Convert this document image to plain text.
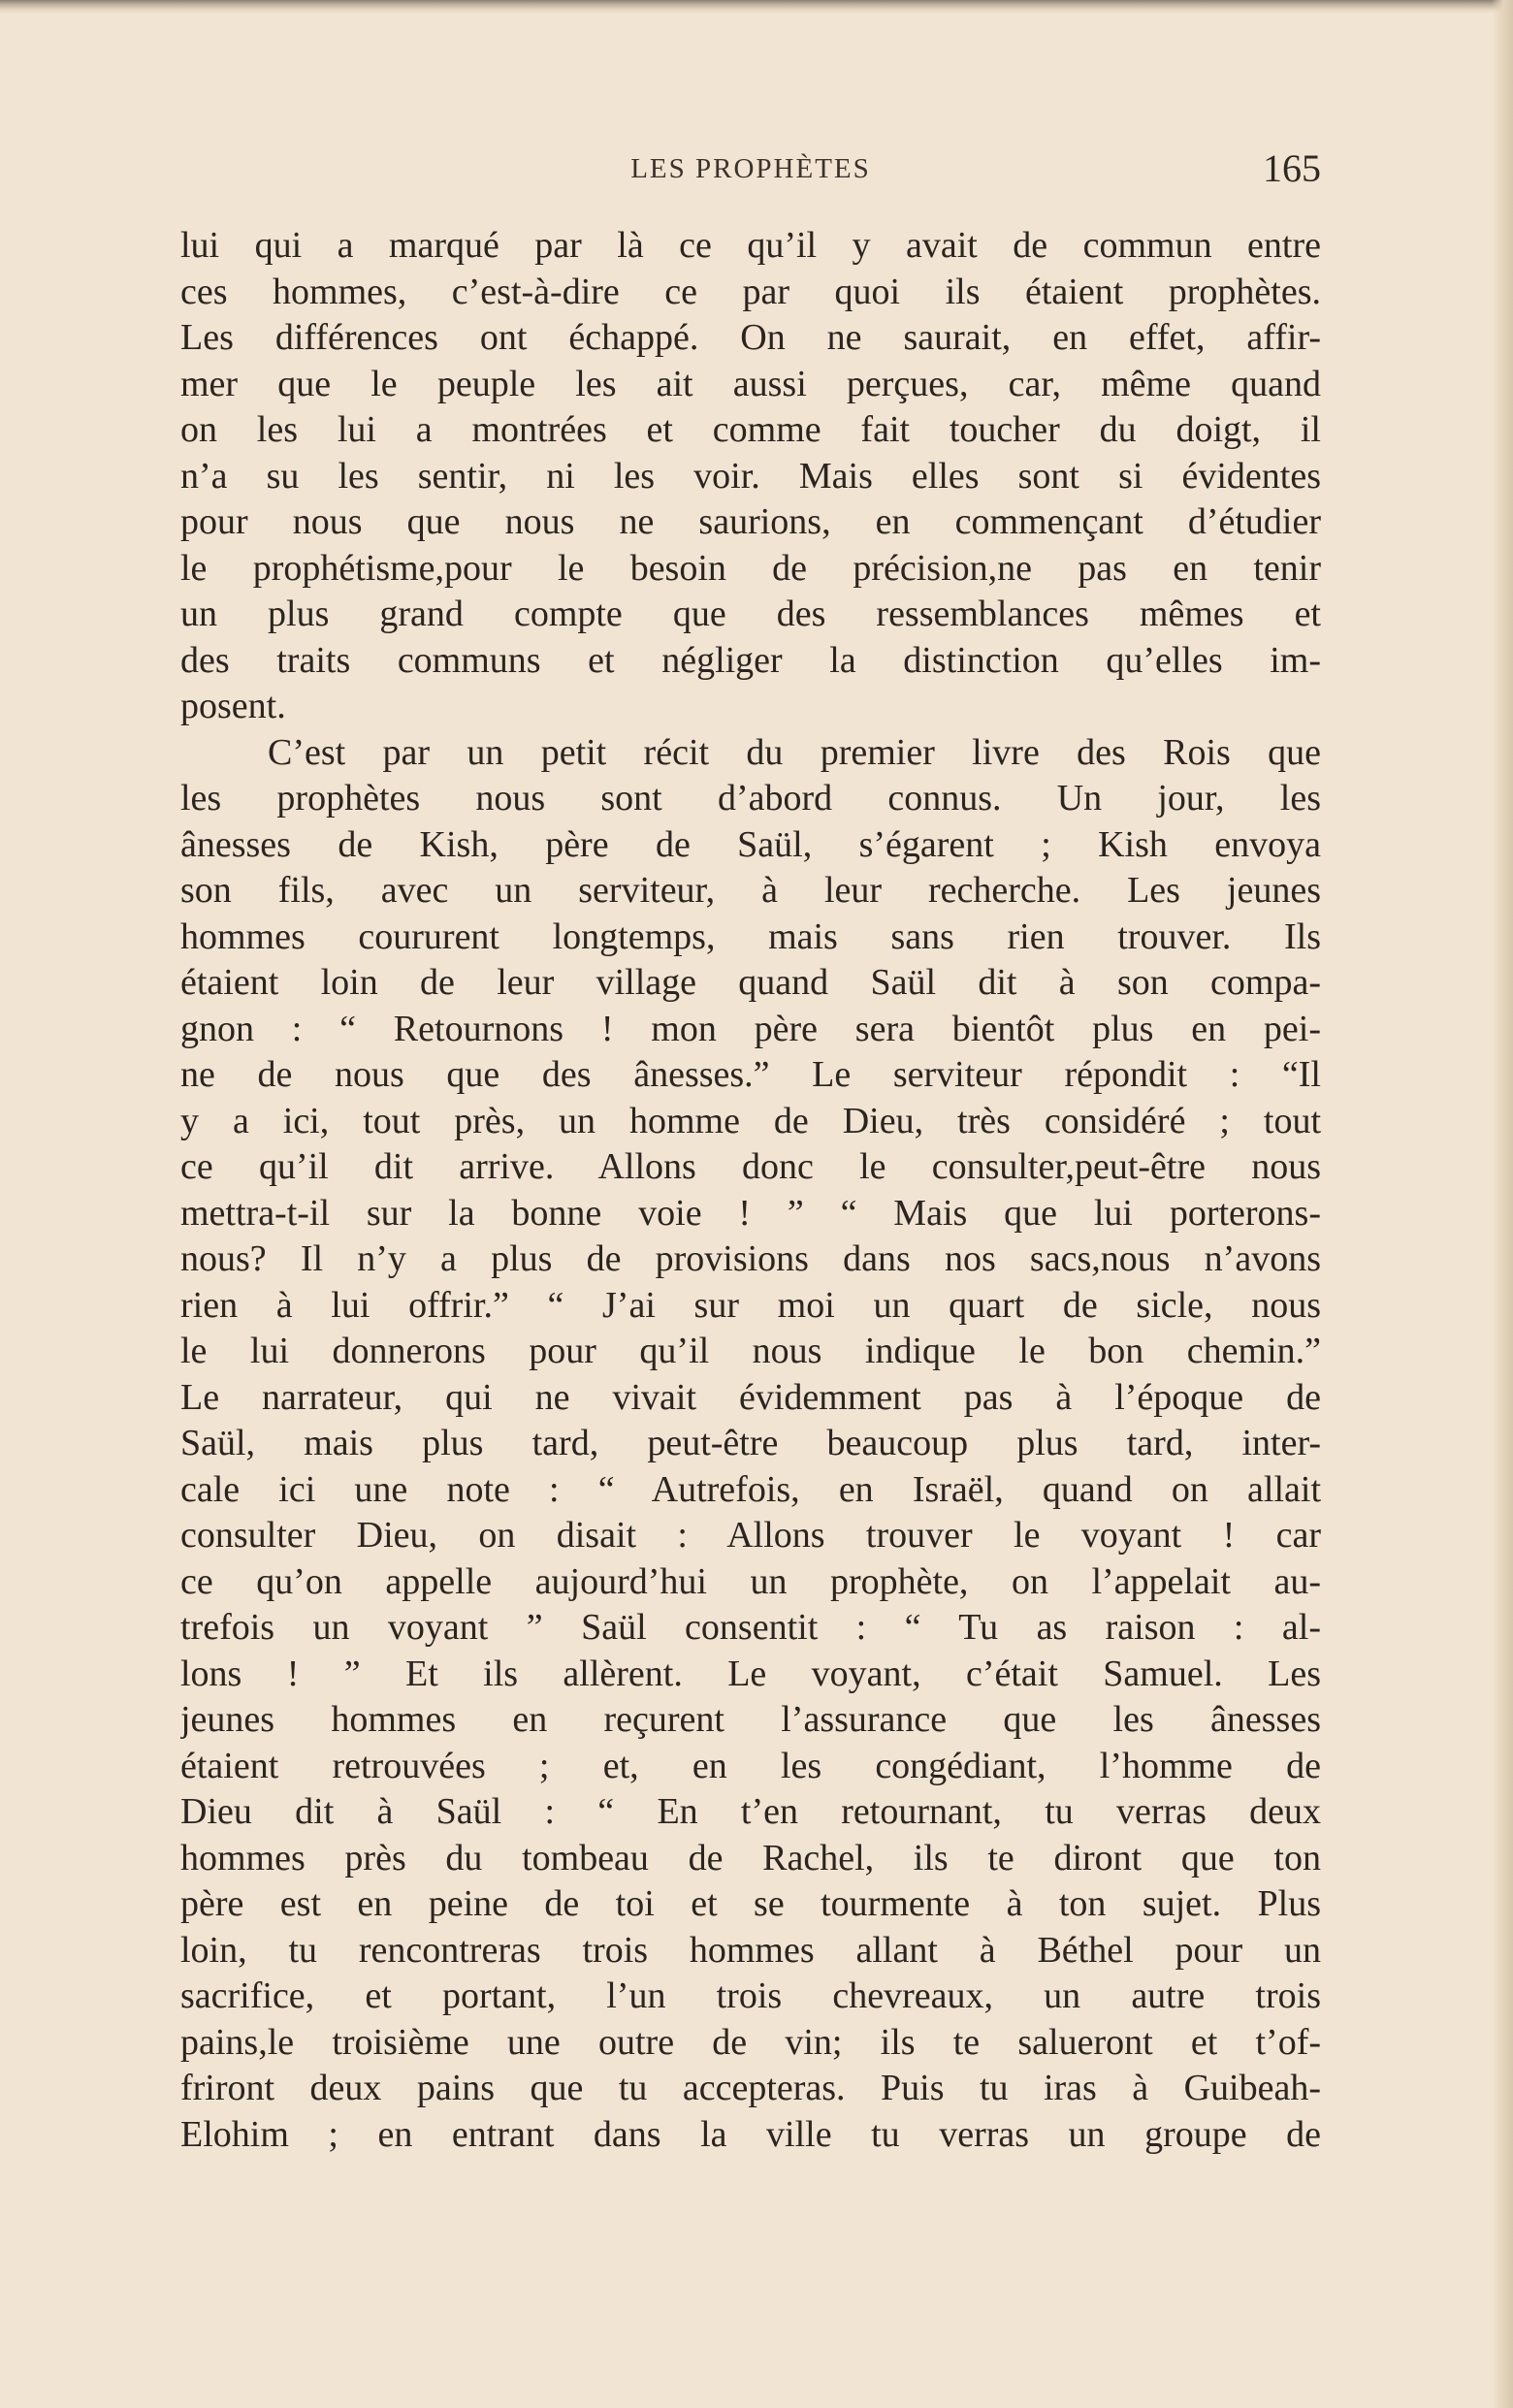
LES PROPHÈTES	165
lui qui a marqué par là ce qu’il y avait de commun entre
ces hommes, c’est-à-dire ce par quoi ils étaient prophètes.
Les différences ont échappé. On ne saurait, en effet, affir-
mer que le peuple les ait aussi perçues, car, même quand
on les lui a montrées et comme fait toucher du doigt, il
n’a su les sentir, ni les voir. Mais elles sont si évidentes
pour nous que nous ne saurions, en commençant d’étudier
le prophétisme,pour le besoin de précision,ne pas en tenir
un plus grand compte que des ressemblances mêmes et
des traits communs et négliger la distinction qu’elles im-
posent.
C’est par un petit récit du premier livre des Rois que
les prophètes nous sont d’abord connus. Un jour, les
ânesses de Kish, père de Saül, s’égarent ; Kish envoya
son fils, avec un serviteur, à leur recherche. Les jeunes
hommes coururent longtemps, mais sans rien trouver. Ils
étaient loin de leur village quand Saül dit à son compa-
gnon : “ Retournons ! mon père sera bientôt plus en pei-
ne de nous que des ânesses.” Le serviteur répondit : “Il
y a ici, tout près, un homme de Dieu, très considéré ; tout
ce qu’il dit arrive. Allons donc le consulter,peut-être nous
mettra-t-il sur la bonne voie ! ” “ Mais que lui porterons-
nous? Il n’y a plus de provisions dans nos sacs,nous n’avons
rien à lui offrir.” “ J’ai sur moi un quart de sicle, nous
le lui donnerons pour qu’il nous indique le bon chemin.”
Le narrateur, qui ne vivait évidemment pas à l’époque de
Saül, mais plus tard, peut-être beaucoup plus tard, inter-
cale ici une note : “ Autrefois, en Israël, quand on allait
consulter Dieu, on disait : Allons trouver le voyant ! car
ce qu’on appelle aujourd’hui un prophète, on l’appelait au-
trefois un voyant ” Saül consentit : “ Tu as raison : al-
lons ! ” Et ils allèrent. Le voyant, c’était Samuel. Les
jeunes hommes en reçurent l’assurance que les ânesses
étaient retrouvées ; et, en les congédiant, l’homme de
Dieu dit à Saül : “ En t’en retournant, tu verras deux
hommes près du tombeau de Rachel, ils te diront que ton
père est en peine de toi et se tourmente à ton sujet. Plus
loin, tu rencontreras trois hommes allant à Béthel pour un
sacrifice, et portant, l’un trois chevreaux, un autre trois
pains,le troisième une outre de vin; ils te salueront et t’of-
friront deux pains que tu accepteras. Puis tu iras à Guibeah-
Elohim ; en entrant dans la ville tu verras un groupe de
